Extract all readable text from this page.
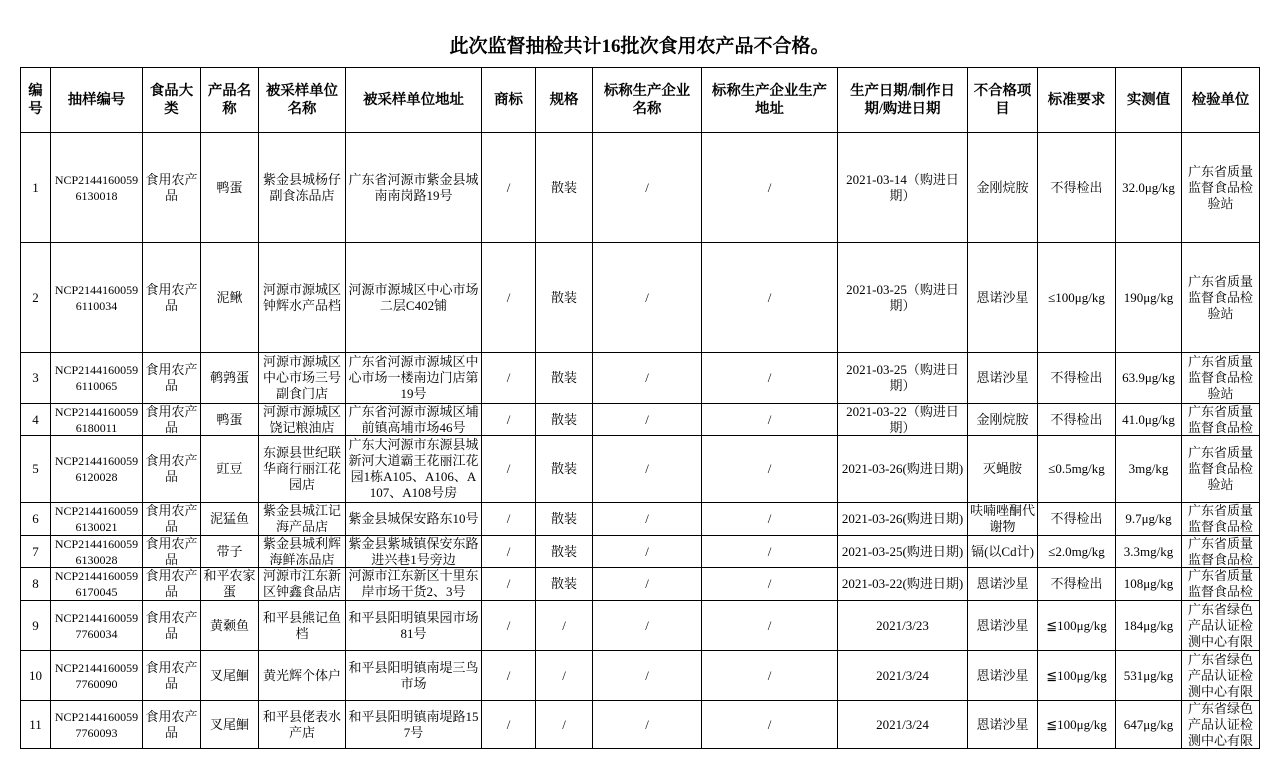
此次监督抽检共计16批次食用农产品不合格。
编号	抽样编号	食品大类	产品名称	被采样单位名称	被采样单位地址	商标	规格	标称生产企业名称	标称生产企业生产地址	生产日期/制作日期/购进日期	不合格项目	标准要求	实测值	检验单位

1	NCP21441600596130018	食用农产品	鸭蛋	紫金县城杨仔副食冻品店	广东省河源市紫金县城南南岗路19号	/	散装	/	/	2021-03-14（购进日期）	金刚烷胺	不得检出	32.0μg/kg	广东省质量监督食品检验站

2	NCP21441600596110034	食用农产品	泥鳅	河源市源城区钟辉水产品档	河源市源城区中心市场二层C402铺	/	散装	/	/	2021-03-25（购进日期）	恩诺沙星	≤100μg/kg	190μg/kg	广东省质量监督食品检验站

3	NCP21441600596110065	食用农产品	鹌鹑蛋	河源市源城区中心市场三号副食门店	广东省河源市源城区中心市场一楼南边门店第19号	/	散装	/	/	2021-03-25（购进日期）	恩诺沙星	不得检出	63.9μg/kg	广东省质量监督食品检验站

4	NCP21441600596180011	食用农产品	鸭蛋	河源市源城区饶记粮油店	广东省河源市源城区埔前镇高埔市场46号	/	散装	/	/	2021-03-22（购进日期）	金刚烷胺	不得检出	41.0μg/kg	广东省质量监督食品检

5	NCP21441600596120028	食用农产品	豇豆	东源县世纪联华商行丽江花园店	广东大河源市东源县城新河大道霸王花丽江花园1栋A105、A106、A107、A108号房	/	散装	/	/	2021-03-26(购进日期)	灭蝇胺	≤0.5mg/kg	3mg/kg	广东省质量监督食品检验站

6	NCP21441600596130021	食用农产品	泥猛鱼	紫金县城江记海产品店	紫金县城保安路东10号	/	散装	/	/	2021-03-26(购进日期)	呋喃唑酮代谢物	不得检出	9.7μg/kg	广东省质量监督食品检

7	NCP21441600596130028	食用农产品	带子	紫金县城利辉海鲜冻品店	紫金县紫城镇保安东路进兴巷1号旁边	/	散装	/	/	2021-03-25(购进日期)	镉(以Cd计)	≤2.0mg/kg	3.3mg/kg	广东省质量监督食品检

8	NCP21441600596170045	食用农产品	和平农家蛋	河源市江东新区钟鑫食品店	河源市江东新区十里东岸市场干货2、3号	/	散装	/	/	2021-03-22(购进日期)	恩诺沙星	不得检出	108μg/kg	广东省质量监督食品检

9	NCP21441600597760034	食用农产品	黄颡鱼	和平县熊记鱼档	和平县阳明镇果园市场81号	/	/	/	/	2021/3/23	恩诺沙星	≦100μg/kg	184μg/kg	广东省绿色产品认证检测中心有限

10	NCP21441600597760090	食用农产品	叉尾鮰	黄光辉个体户	和平县阳明镇南堤三鸟市场	/	/	/	/	2021/3/24	恩诺沙星	≦100μg/kg	531μg/kg	广东省绿色产品认证检测中心有限

11	NCP21441600597760093	食用农产品	叉尾鮰	和平县佬表水产店	和平县阳明镇南堤路157号	/	/	/	/	2021/3/24	恩诺沙星	≦100μg/kg	647μg/kg	广东省绿色产品认证检测中心有限
